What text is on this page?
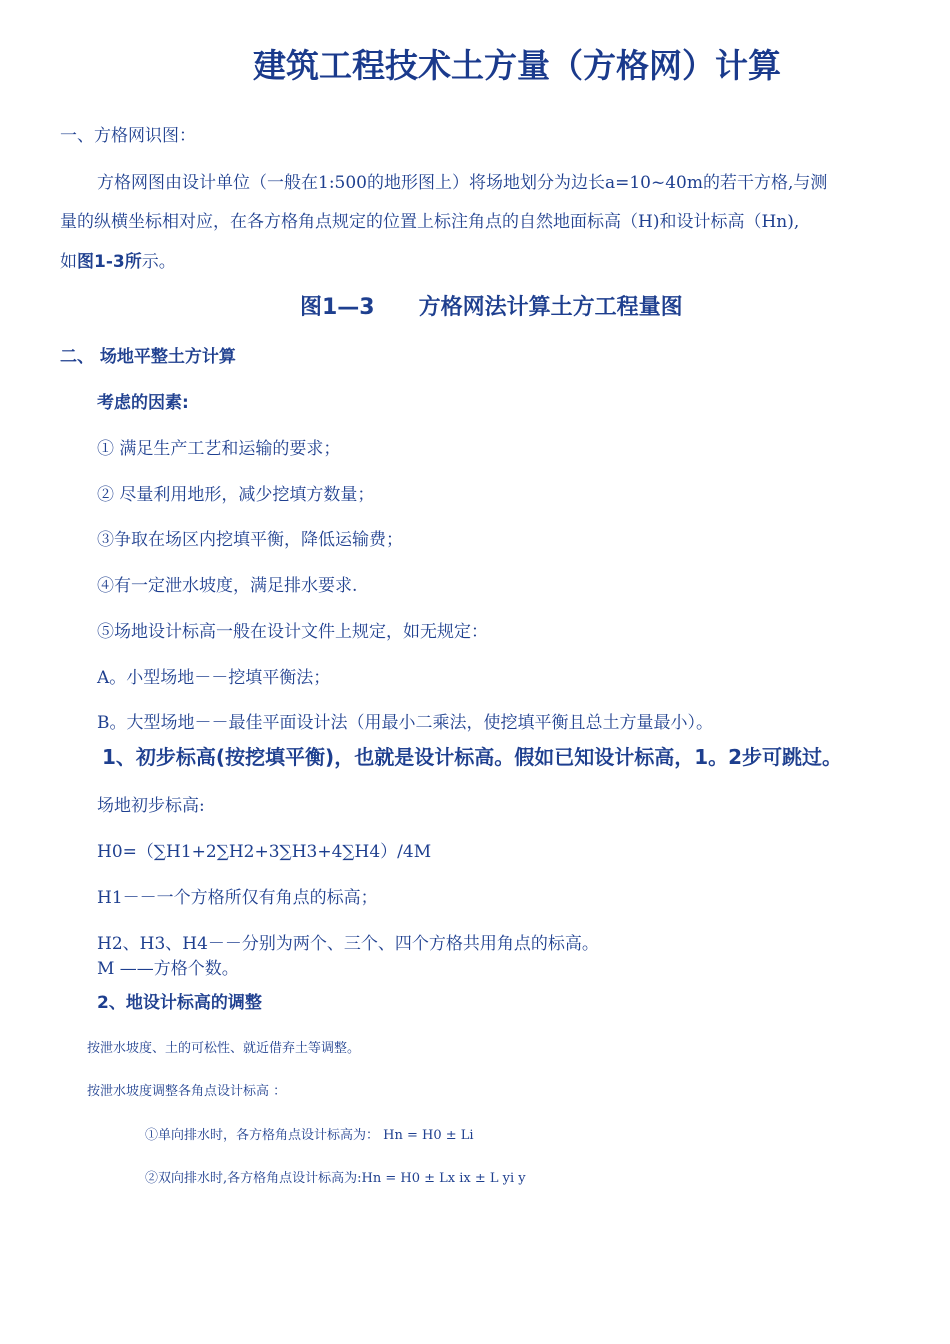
建筑工程技术土方量（方格网）计算

一、方格网识图：

方格网图由设计单位（一般在1:500的地形图上）将场地划分为边长a=10~40m的若干方格,与测

量的纵横坐标相对应，在各方格角点规定的位置上标注角点的自然地面标高（H)和设计标高（Hn),

如图1-3所示。

图1—3　　方格网法计算土方工程量图

二、 场地平整土方计算

考虑的因素:

① 满足生产工艺和运输的要求；

② 尽量利用地形，减少挖填方数量；

③争取在场区内挖填平衡，降低运输费；

④有一定泄水坡度，满足排水要求.

⑤场地设计标高一般在设计文件上规定，如无规定：

A。小型场地－－挖填平衡法；

B。大型场地－－最佳平面设计法（用最小二乘法，使挖填平衡且总土方量最小）。

1、初步标高(按挖填平衡)，也就是设计标高。假如已知设计标高，1。2步可跳过。

场地初步标高:

H0=（∑H1+2∑H2+3∑H3+4∑H4）/4M

H1－－一个方格所仅有角点的标高；

H2、H3、H4－－分别为两个、三个、四个方格共用角点的标高。

M ——方格个数。

2、地设计标高的调整

按泄水坡度、土的可松性、就近借弃土等调整。

按泄水坡度调整各角点设计标高 ：

①单向排水时，各方格角点设计标高为： Hn = H0 ± Li

②双向排水时,各方格角点设计标高为:Hn = H0 ± Lx ix ± L yi y
